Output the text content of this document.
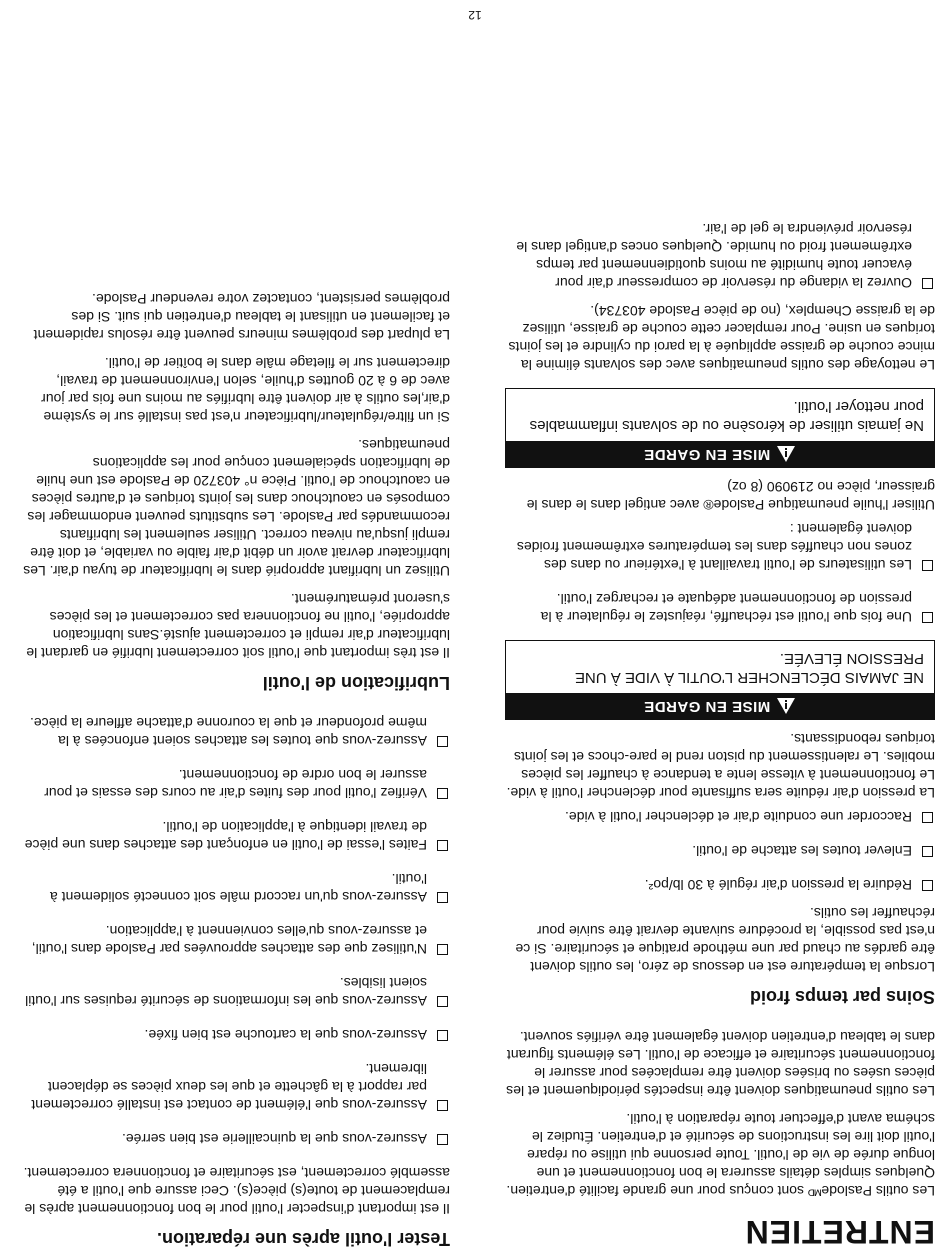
ENTRETIEN

Les outils Paslodeᴹᴰ sont conçus pour une grande facilité d'entretien. Quelques simples détails assurera le bon fonctionnement et une longue durée de vie de l'outil. Toute personne qui utilise ou répare l'outil doit lire les instructions de sécurité et d'entretien. Étudiez le schéma avant d'effectuer toute réparation à l'outil.

Les outils pneumatiques doivent être inspectés périodiquement et les pièces usées ou brisées doivent être remplacées pour assurer le fonctionnement sécuritaire et efficace de l'outil. Les éléments figurant dans le tableau d'entretien doivent également être vérifiés souvent.

Soins par temps froid

Lorsque la température est en dessous de zéro, les outils doivent être gardés au chaud par une méthode pratique et sécuritaire. Si ce n'est pas possible, la procédure suivante devrait être suivie pour réchauffer les outils.

Réduire la pression d'air régulé à 30 lb/po².
Enlever toutes les attache de l'outil.
Raccorder une conduite d'air et déclencher l'outil à vide.

La pression d'air réduite sera suffisante pour déclencher l'outil à vide. Le fonctionnement à vitesse lente a tendance à chauffer les pièces mobiles. Le ralentissement du piston rend le pare-chocs et les joints toriques rebondissants.

MISE EN GARDE
NE JAMAIS DÉCLENCHER L'OUTIL À VIDE À UNE PRESSION ÉLEVÉE.
Une fois que l'outil est réchauffé, réajustez le régulateur à la pression de fonctionnement adéquate et rechargez l'outil.
Les utilisateurs de l'outil travaillant à l'extérieur ou dans des zones non chauffés dans les températures extrêmement froides doivent également :

Utiliser l'huile pneumatique Paslode® avec antigel dans le dans le graisseur, pièce no 219090 (8 oz)

MISE EN GARDE
Ne jamais utiliser de kérosène ou de solvants inflammables pour nettoyer l'outil.

Le nettoyage des outils pneumatiques avec des solvants élimine la mince couche de graisse appliquée à la paroi du cylindre et les joints toriques en usine. Pour remplacer cette couche de graisse, utilisez de la graisse Chemplex, (no de pièce Paslode 403734).

Ouvrez la vidange du réservoir de compresseur d'air pour évacuer toute humidité au moins quotidiennement par temps extrêmement froid ou humide. Quelques onces d'antigel dans le réservoir préviendra le gel de l'air.
Tester l'outil après une réparation.

Il est important d'inspecter l'outil pour le bon fonctionnement après le remplacement de toute(s) pièce(s). Ceci assure que l'outil a été assemblé correctement, est sécuritaire et fonctionnera correctement.

Assurez-vous que la quincaillerie est bien serrée.
Assurez-vous que l'élément de contact est installé correctement par rapport à la gâchette et que les deux pièces se déplacent librement.
Assurez-vous que la cartouche est bien fixée.
Assurez-vous que les informations de sécurité requises sur l'outil soient lisibles.
N'utilisez que des attaches approuvées par Paslode dans l'outil, et assurez-vous qu'elles conviennent à l'application.
Assurez-vous qu'un raccord mâle soit connecté solidement à l'outil.
Faites l'essai de l'outil en enfonçant des attaches dans une pièce de travail identique à l'application de l'outil.
Vérifiez l'outil pour des fuites d'air au cours des essais et pour assurer le bon ordre de fonctionnement.
Assurez-vous que toutes les attaches soient enfoncées à la même profondeur et que la couronne d'attache affleure la pièce.
Lubrification de l'outil

Il est très important que l'outil soit correctement lubrifié en gardant le lubrificateur d'air rempli et correctement ajusté.Sans lubrification appropriée, l'outil ne fonctionnera pas correctement et les pièces s'useront prématurément.

Utilisez un lubrifiant approprié dans le lubrificateur de tuyau d'air. Les lubrificateur devrait avoir un débit d'air faible ou variable, et doit être rempli jusqu'au niveau correct. Utiliser seulement les lubrifiants recommandés par Paslode. Les substituts peuvent endommager les composés en caoutchouc dans les joints toriques et d'autres pièces en caoutchouc de l'outil. Pièce n° 403720 de Paslode est une huile de lubrification spécialement conçue pour les applications pneumatiques.

Si un filtre/régulateur/lubrificateur n'est pas installé sur le système d'air,les outils à air doivent être lubrifiés au moins une fois par jour avec de 6 à 20 gouttes d'huile, selon l'environnement de travail, directement sur le filetage mâle dans le boîtier de l'outil.

La plupart des problèmes mineurs peuvent être résolus rapidement et facilement en utilisant le tableau d'entretien qui suit. Si des problèmes persistent, contactez votre revendeur Paslode.

12
